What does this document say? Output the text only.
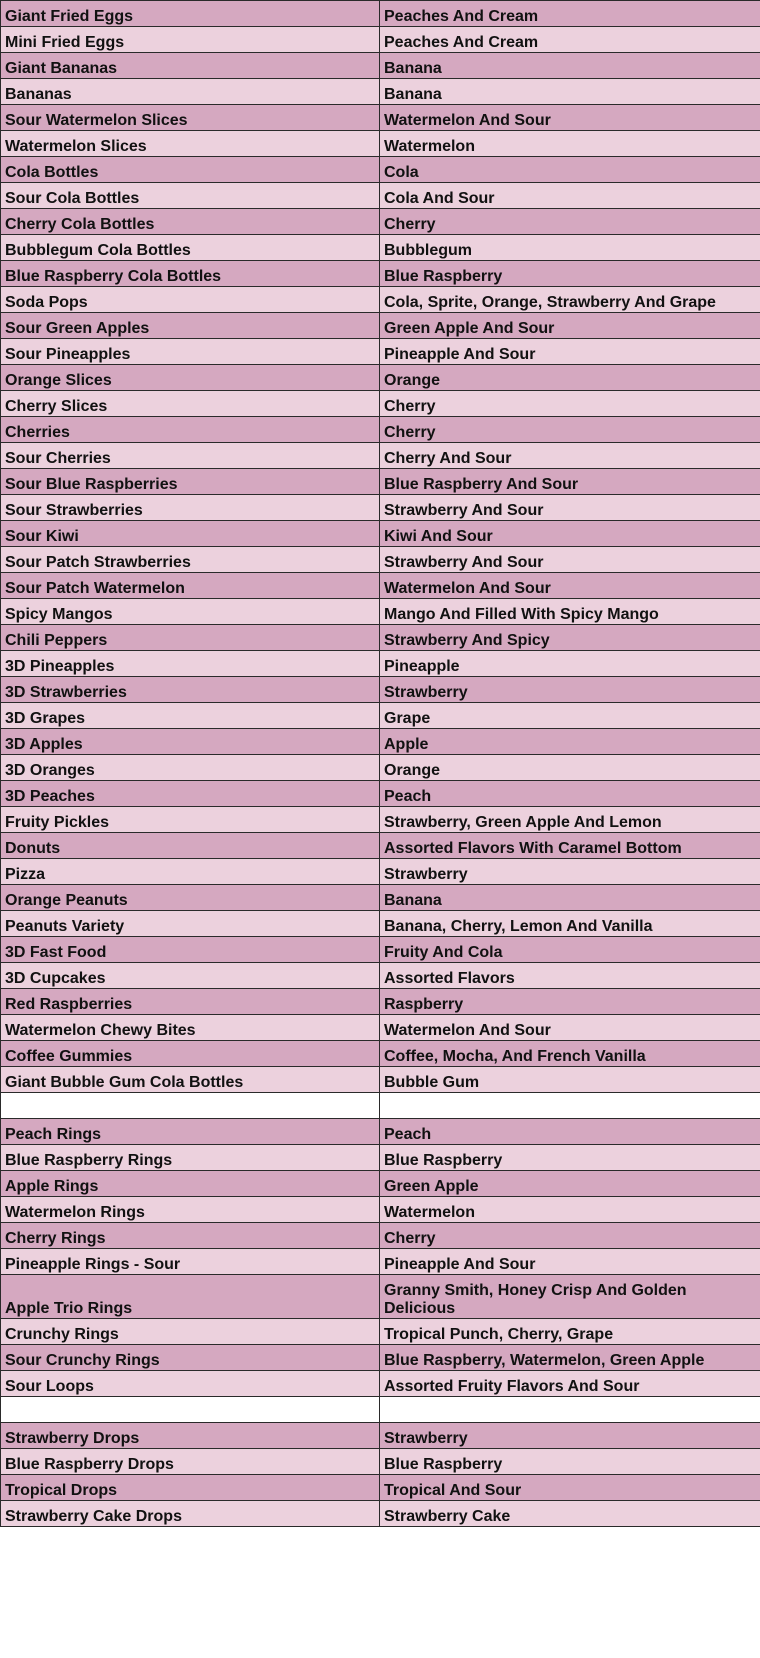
Giant Fried Eggs	Peaches And Cream
Mini Fried Eggs	Peaches And Cream
Giant Bananas	Banana
Bananas	Banana
Sour Watermelon Slices	Watermelon And Sour
Watermelon Slices	Watermelon
Cola Bottles	Cola
Sour Cola Bottles	Cola And Sour
Cherry Cola Bottles	Cherry
Bubblegum Cola Bottles	Bubblegum
Blue Raspberry Cola Bottles	Blue Raspberry
Soda Pops	Cola, Sprite, Orange, Strawberry And Grape
Sour Green Apples	Green Apple And Sour
Sour Pineapples	Pineapple And Sour
Orange Slices	Orange
Cherry Slices	Cherry
Cherries	Cherry
Sour Cherries	Cherry And Sour
Sour Blue Raspberries	Blue Raspberry And Sour
Sour Strawberries	Strawberry And Sour
Sour Kiwi	Kiwi And Sour
Sour Patch Strawberries	Strawberry And Sour
Sour Patch Watermelon	Watermelon And Sour
Spicy Mangos	Mango And Filled With Spicy Mango
Chili Peppers	Strawberry And Spicy
3D Pineapples	Pineapple
3D Strawberries	Strawberry
3D Grapes	Grape
3D Apples	Apple
3D Oranges	Orange
3D Peaches	Peach
Fruity Pickles	Strawberry, Green Apple And Lemon
Donuts	Assorted Flavors With Caramel Bottom
Pizza	Strawberry
Orange Peanuts	Banana
Peanuts Variety	Banana, Cherry, Lemon And Vanilla
3D Fast Food	Fruity And Cola
3D Cupcakes	Assorted Flavors
Red Raspberries	Raspberry
Watermelon Chewy Bites	Watermelon And Sour
Coffee Gummies	Coffee, Mocha, And French Vanilla
Giant Bubble Gum Cola Bottles	Bubble Gum

Peach Rings	Peach
Blue Raspberry Rings	Blue Raspberry
Apple Rings	Green Apple
Watermelon Rings	Watermelon
Cherry Rings	Cherry
Pineapple Rings - Sour	Pineapple And Sour
Apple Trio Rings	Granny Smith, Honey Crisp And Golden Delicious
Crunchy Rings	Tropical Punch, Cherry, Grape
Sour Crunchy Rings	Blue Raspberry, Watermelon, Green Apple
Sour Loops	Assorted Fruity Flavors And Sour

Strawberry Drops	Strawberry
Blue Raspberry Drops	Blue Raspberry
Tropical Drops	Tropical And Sour
Strawberry Cake Drops	Strawberry Cake
